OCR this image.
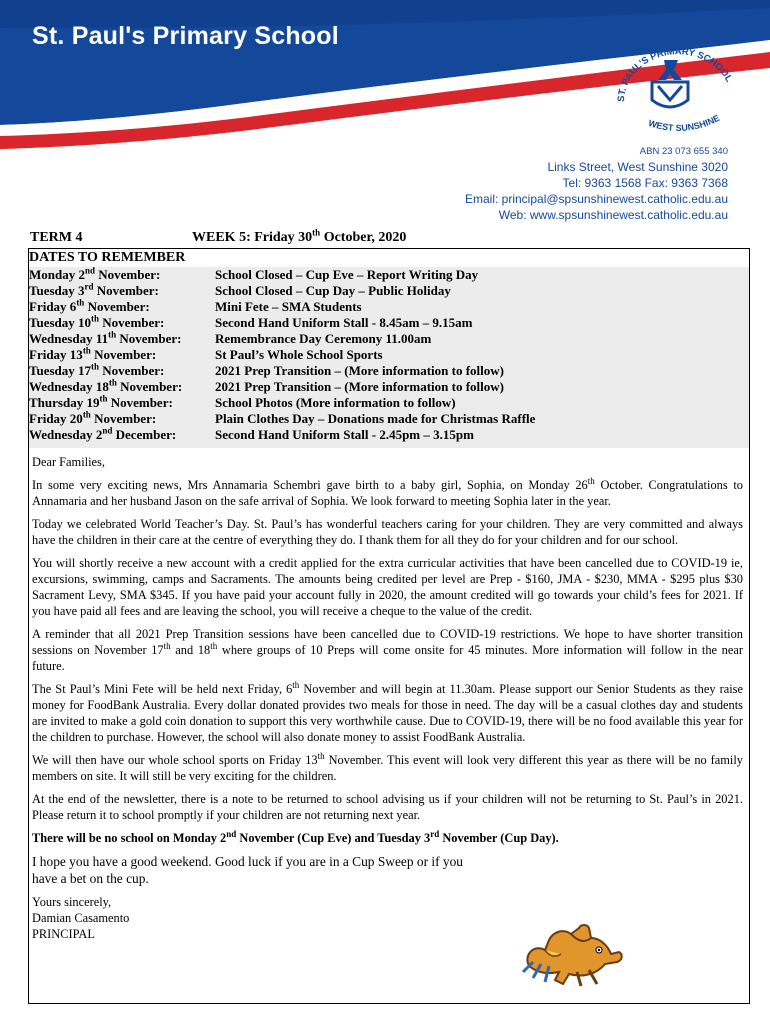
St. Paul's Primary School
ST. PAUL'S PRIMARY SCHOOL
WEST SUNSHINE
ABN 23 073 655 340
Links Street, West Sunshine 3020
Tel: 9363 1568 Fax: 9363 7368
Email: principal@spsunshinewest.catholic.edu.au
Web: www.spsunshinewest.catholic.edu.au
TERM 4	WEEK 5: Friday 30th October, 2020
DATES TO REMEMBER
Monday 2nd November:	School Closed – Cup Eve – Report Writing Day
Tuesday 3rd November:	School Closed – Cup Day – Public Holiday
Friday 6th November:	Mini Fete – SMA Students
Tuesday 10th November:	Second Hand Uniform Stall - 8.45am – 9.15am
Wednesday 11th November:	Remembrance Day Ceremony 11.00am
Friday 13th November:	St Paul’s Whole School Sports
Tuesday 17th November:	2021 Prep Transition – (More information to follow)
Wednesday 18th November:	2021 Prep Transition – (More information to follow)
Thursday 19th November:	School Photos (More information to follow)
Friday 20th November:	Plain Clothes Day – Donations made for Christmas Raffle
Wednesday 2nd December:	Second Hand Uniform Stall - 2.45pm – 3.15pm

Dear Families,

In some very exciting news, Mrs Annamaria Schembri gave birth to a baby girl, Sophia, on Monday 26th October. Congratulations to Annamaria and her husband Jason on the safe arrival of Sophia. We look forward to meeting Sophia later in the year.

Today we celebrated World Teacher’s Day. St. Paul’s has wonderful teachers caring for your children. They are very committed and always have the children in their care at the centre of everything they do. I thank them for all they do for your children and for our school.

You will shortly receive a new account with a credit applied for the extra curricular activities that have been cancelled due to COVID-19 ie, excursions, swimming, camps and Sacraments. The amounts being credited per level are Prep - $160, JMA - $230, MMA - $295 plus $30 Sacrament Levy, SMA $345. If you have paid your account fully in 2020, the amount credited will go towards your child’s fees for 2021. If you have paid all fees and are leaving the school, you will receive a cheque to the value of the credit.

A reminder that all 2021 Prep Transition sessions have been cancelled due to COVID-19 restrictions. We hope to have shorter transition sessions on November 17th and 18th where groups of 10 Preps will come onsite for 45 minutes. More information will follow in the near future.

The St Paul’s Mini Fete will be held next Friday, 6th November and will begin at 11.30am. Please support our Senior Students as they raise money for FoodBank Australia. Every dollar donated provides two meals for those in need. The day will be a casual clothes day and students are invited to make a gold coin donation to support this very worthwhile cause. Due to COVID-19, there will be no food available this year for the children to purchase. However, the school will also donate money to assist FoodBank Australia.

We will then have our whole school sports on Friday 13th November. This event will look very different this year as there will be no family members on site. It will still be very exciting for the children.

At the end of the newsletter, there is a note to be returned to school advising us if your children will not be returning to St. Paul’s in 2021. Please return it to school promptly if your children are not returning next year.

There will be no school on Monday 2nd November (Cup Eve) and Tuesday 3rd November (Cup Day).

I hope you have a good weekend. Good luck if you are in a Cup Sweep or if you have a bet on the cup.

Yours sincerely,
Damian Casamento
PRINCIPAL
